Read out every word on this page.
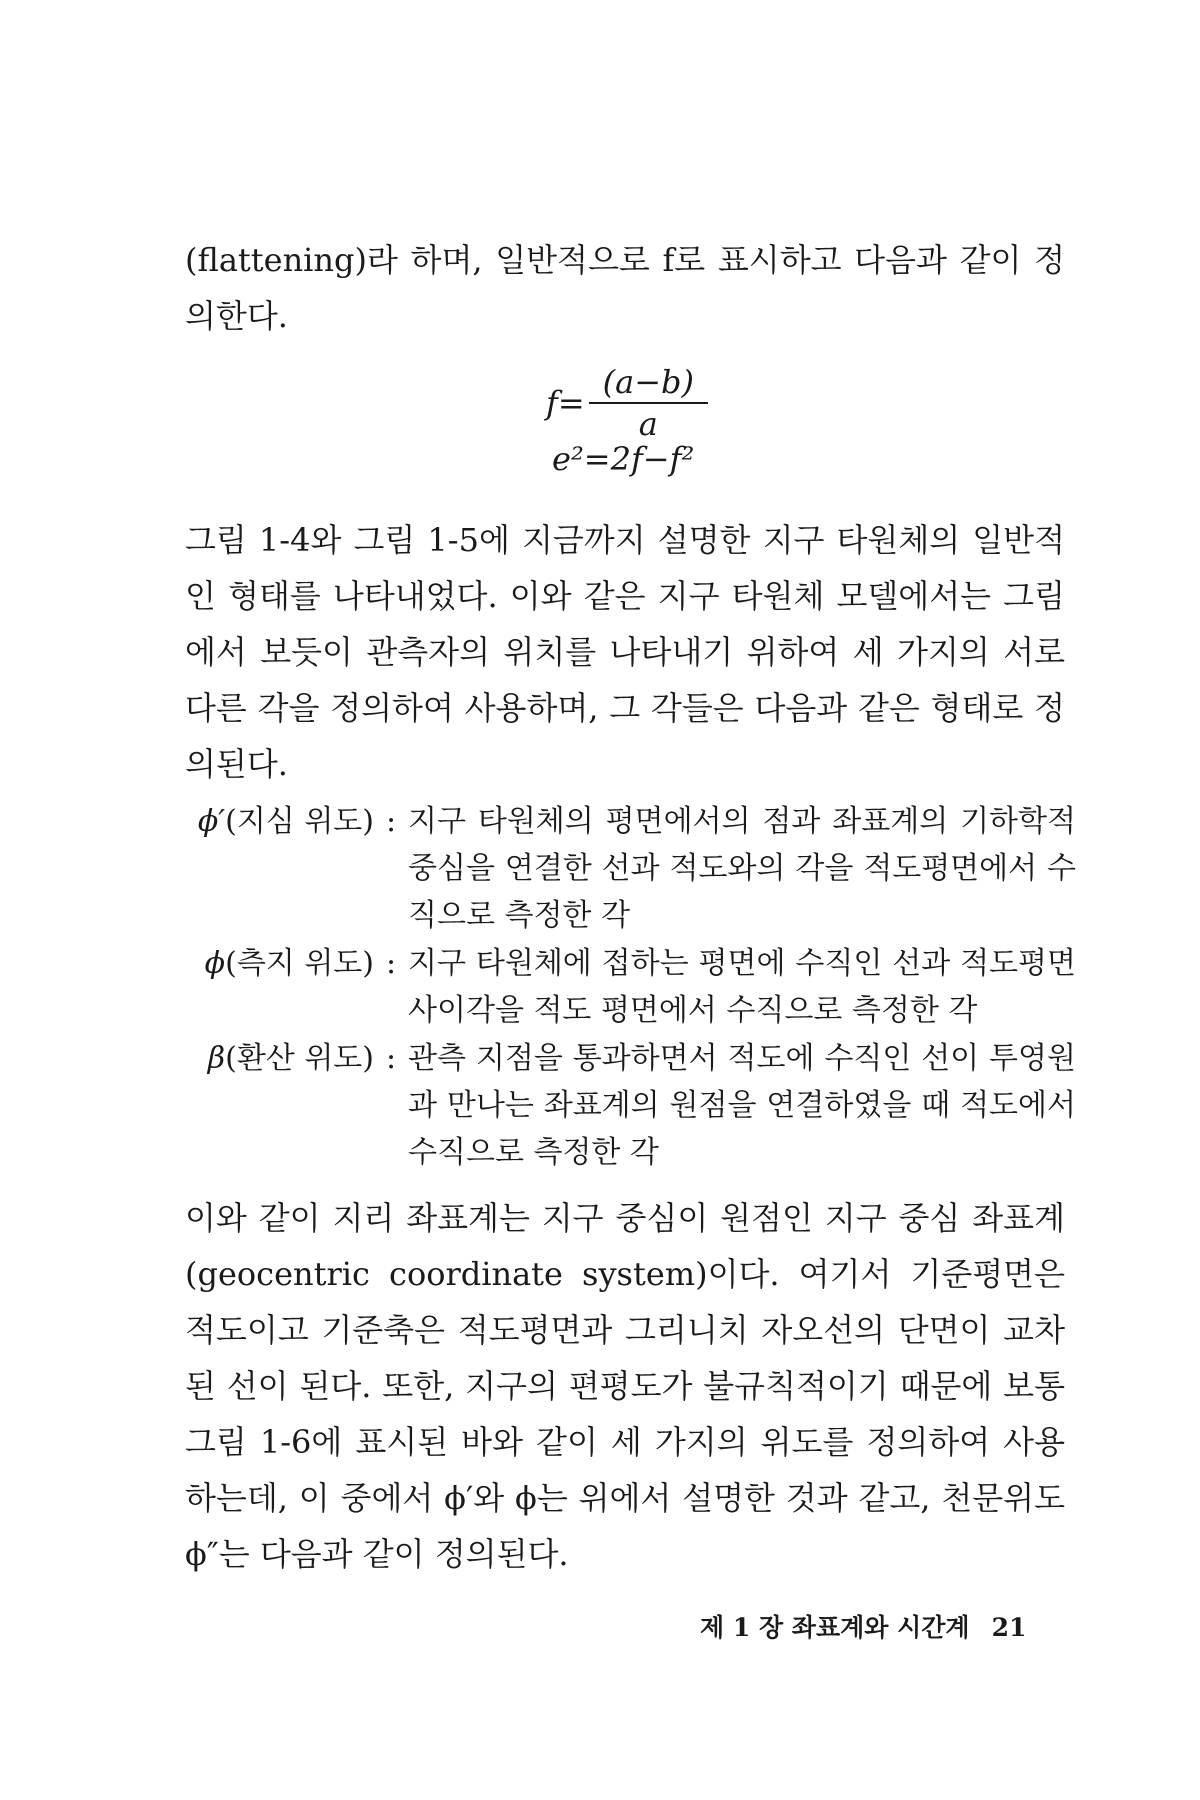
(flattening)라 하며, 일반적으로 f로 표시하고 다음과 같이 정의한다.

$f= \frac{(a-b)}{a}$
e²=2f−f²

그림 1-4와 그림 1-5에 지금까지 설명한 지구 타원체의 일반적인 형태를 나타내었다. 이와 같은 지구 타원체 모델에서는 그림에서 보듯이 관측자의 위치를 나타내기 위하여 세 가지의 서로 다른 각을 정의하여 사용하며, 그 각들은 다음과 같은 형태로 정의된다.

ϕ′(지심 위도) : 지구 타원체의 평면에서의 점과 좌표계의 기하학적 중심을 연결한 선과 적도와의 각을 적도평면에서 수직으로 측정한 각
ϕ(측지 위도) : 지구 타원체에 접하는 평면에 수직인 선과 적도평면 사이각을 적도 평면에서 수직으로 측정한 각
β(환산 위도) : 관측 지점을 통과하면서 적도에 수직인 선이 투영원과 만나는 좌표계의 원점을 연결하였을 때 적도에서 수직으로 측정한 각

이와 같이 지리 좌표계는 지구 중심이 원점인 지구 중심 좌표계(geocentric coordinate system)이다. 여기서 기준평면은 적도이고 기준축은 적도평면과 그리니치 자오선의 단면이 교차된 선이 된다. 또한, 지구의 편평도가 불규칙적이기 때문에 보통 그림 1-6에 표시된 바와 같이 세 가지의 위도를 정의하여 사용하는데, 이 중에서 ϕ′와 ϕ는 위에서 설명한 것과 같고, 천문위도 ϕ″는 다음과 같이 정의된다.

제 1 장 좌표계와 시간계 21
